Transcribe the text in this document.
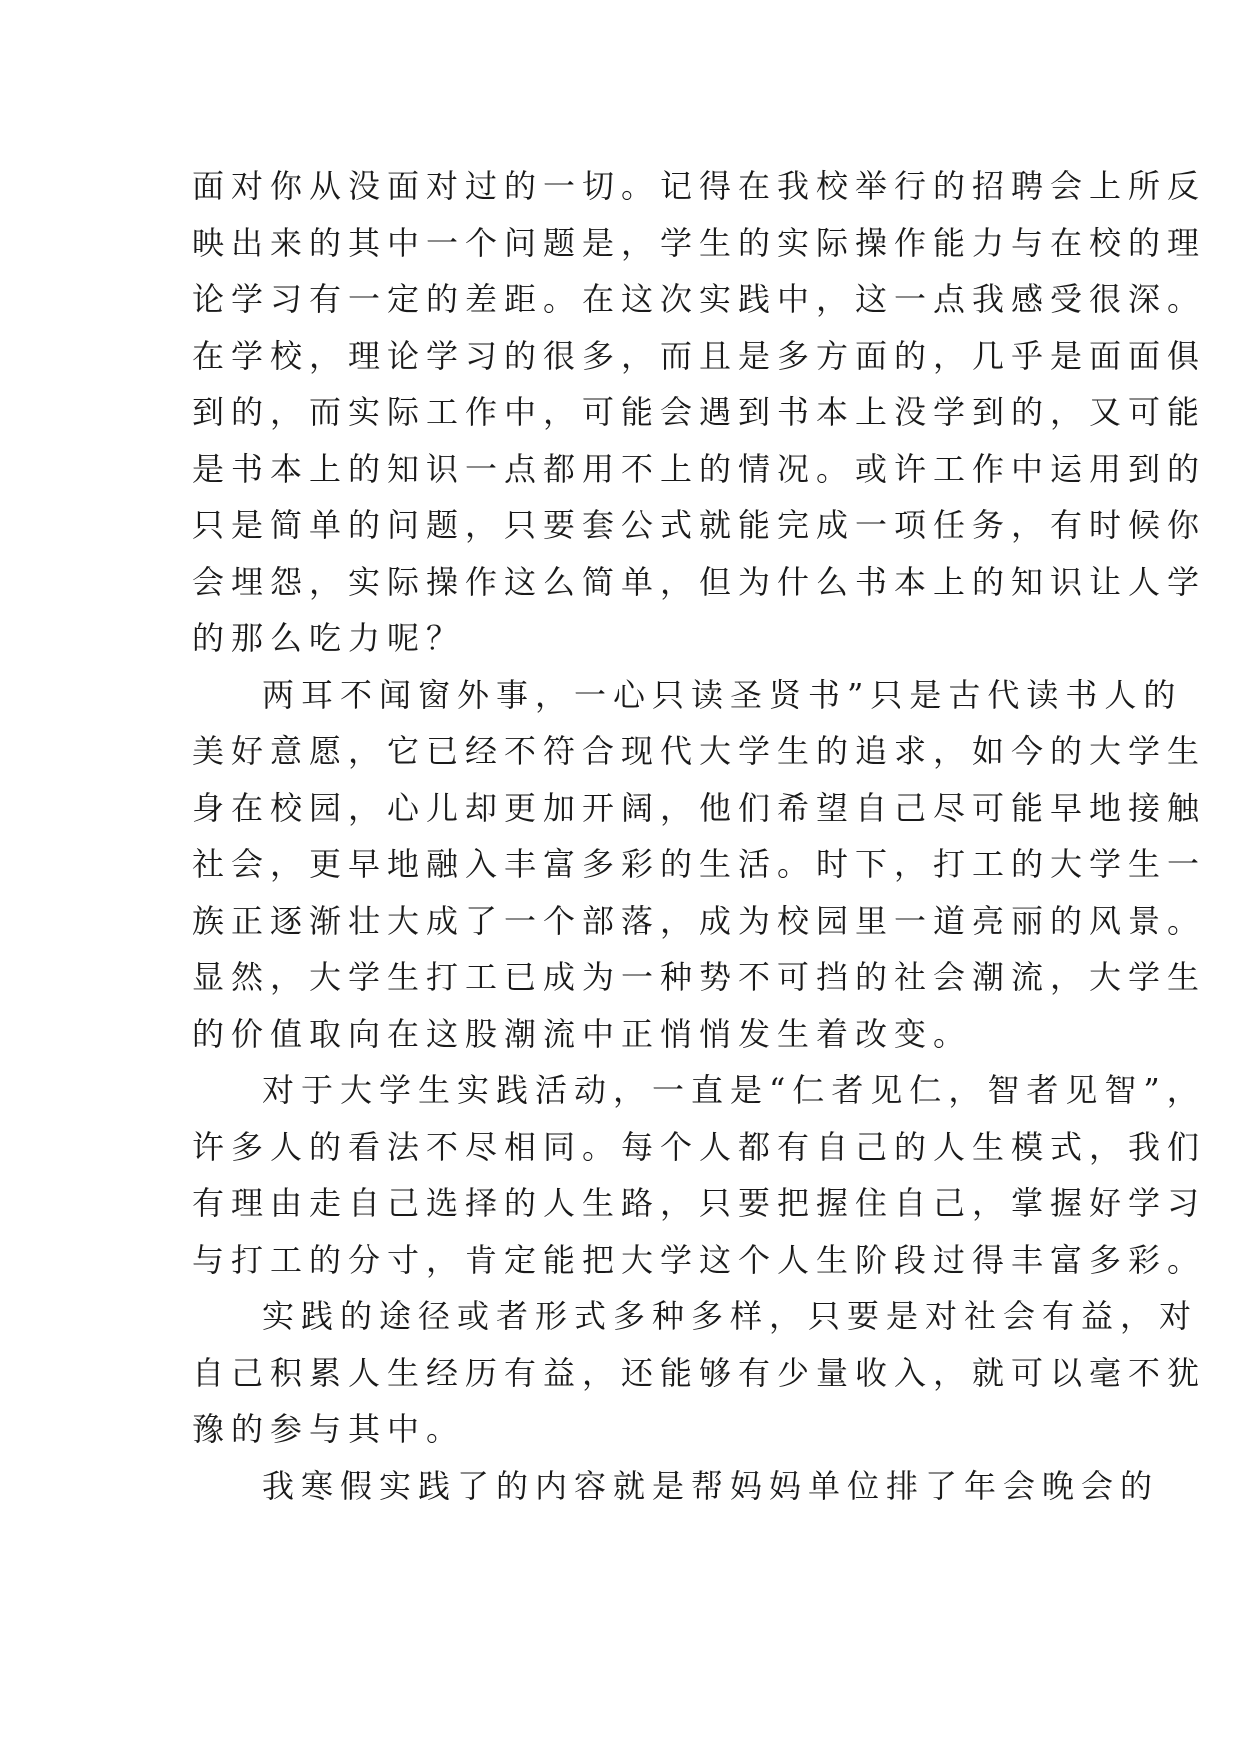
面对你从没面对过的一切。记得在我校举行的招聘会上所反
映出来的其中一个问题是，学生的实际操作能力与在校的理
论学习有一定的差距。在这次实践中，这一点我感受很深。
在学校，理论学习的很多，而且是多方面的，几乎是面面俱
到的，而实际工作中，可能会遇到书本上没学到的，又可能
是书本上的知识一点都用不上的情况。或许工作中运用到的
只是简单的问题，只要套公式就能完成一项任务，有时候你
会埋怨，实际操作这么简单，但为什么书本上的知识让人学
的那么吃力呢？
两耳不闻窗外事，一心只读圣贤书”只是古代读书人的
美好意愿，它已经不符合现代大学生的追求，如今的大学生
身在校园，心儿却更加开阔，他们希望自己尽可能早地接触
社会，更早地融入丰富多彩的生活。时下，打工的大学生一
族正逐渐壮大成了一个部落，成为校园里一道亮丽的风景。
显然，大学生打工已成为一种势不可挡的社会潮流，大学生
的价值取向在这股潮流中正悄悄发生着改变。
对于大学生实践活动，一直是“仁者见仁，智者见智”，
许多人的看法不尽相同。每个人都有自己的人生模式，我们
有理由走自己选择的人生路，只要把握住自己，掌握好学习
与打工的分寸，肯定能把大学这个人生阶段过得丰富多彩。
实践的途径或者形式多种多样，只要是对社会有益，对
自己积累人生经历有益，还能够有少量收入，就可以毫不犹
豫的参与其中。
我寒假实践了的内容就是帮妈妈单位排了年会晚会的
